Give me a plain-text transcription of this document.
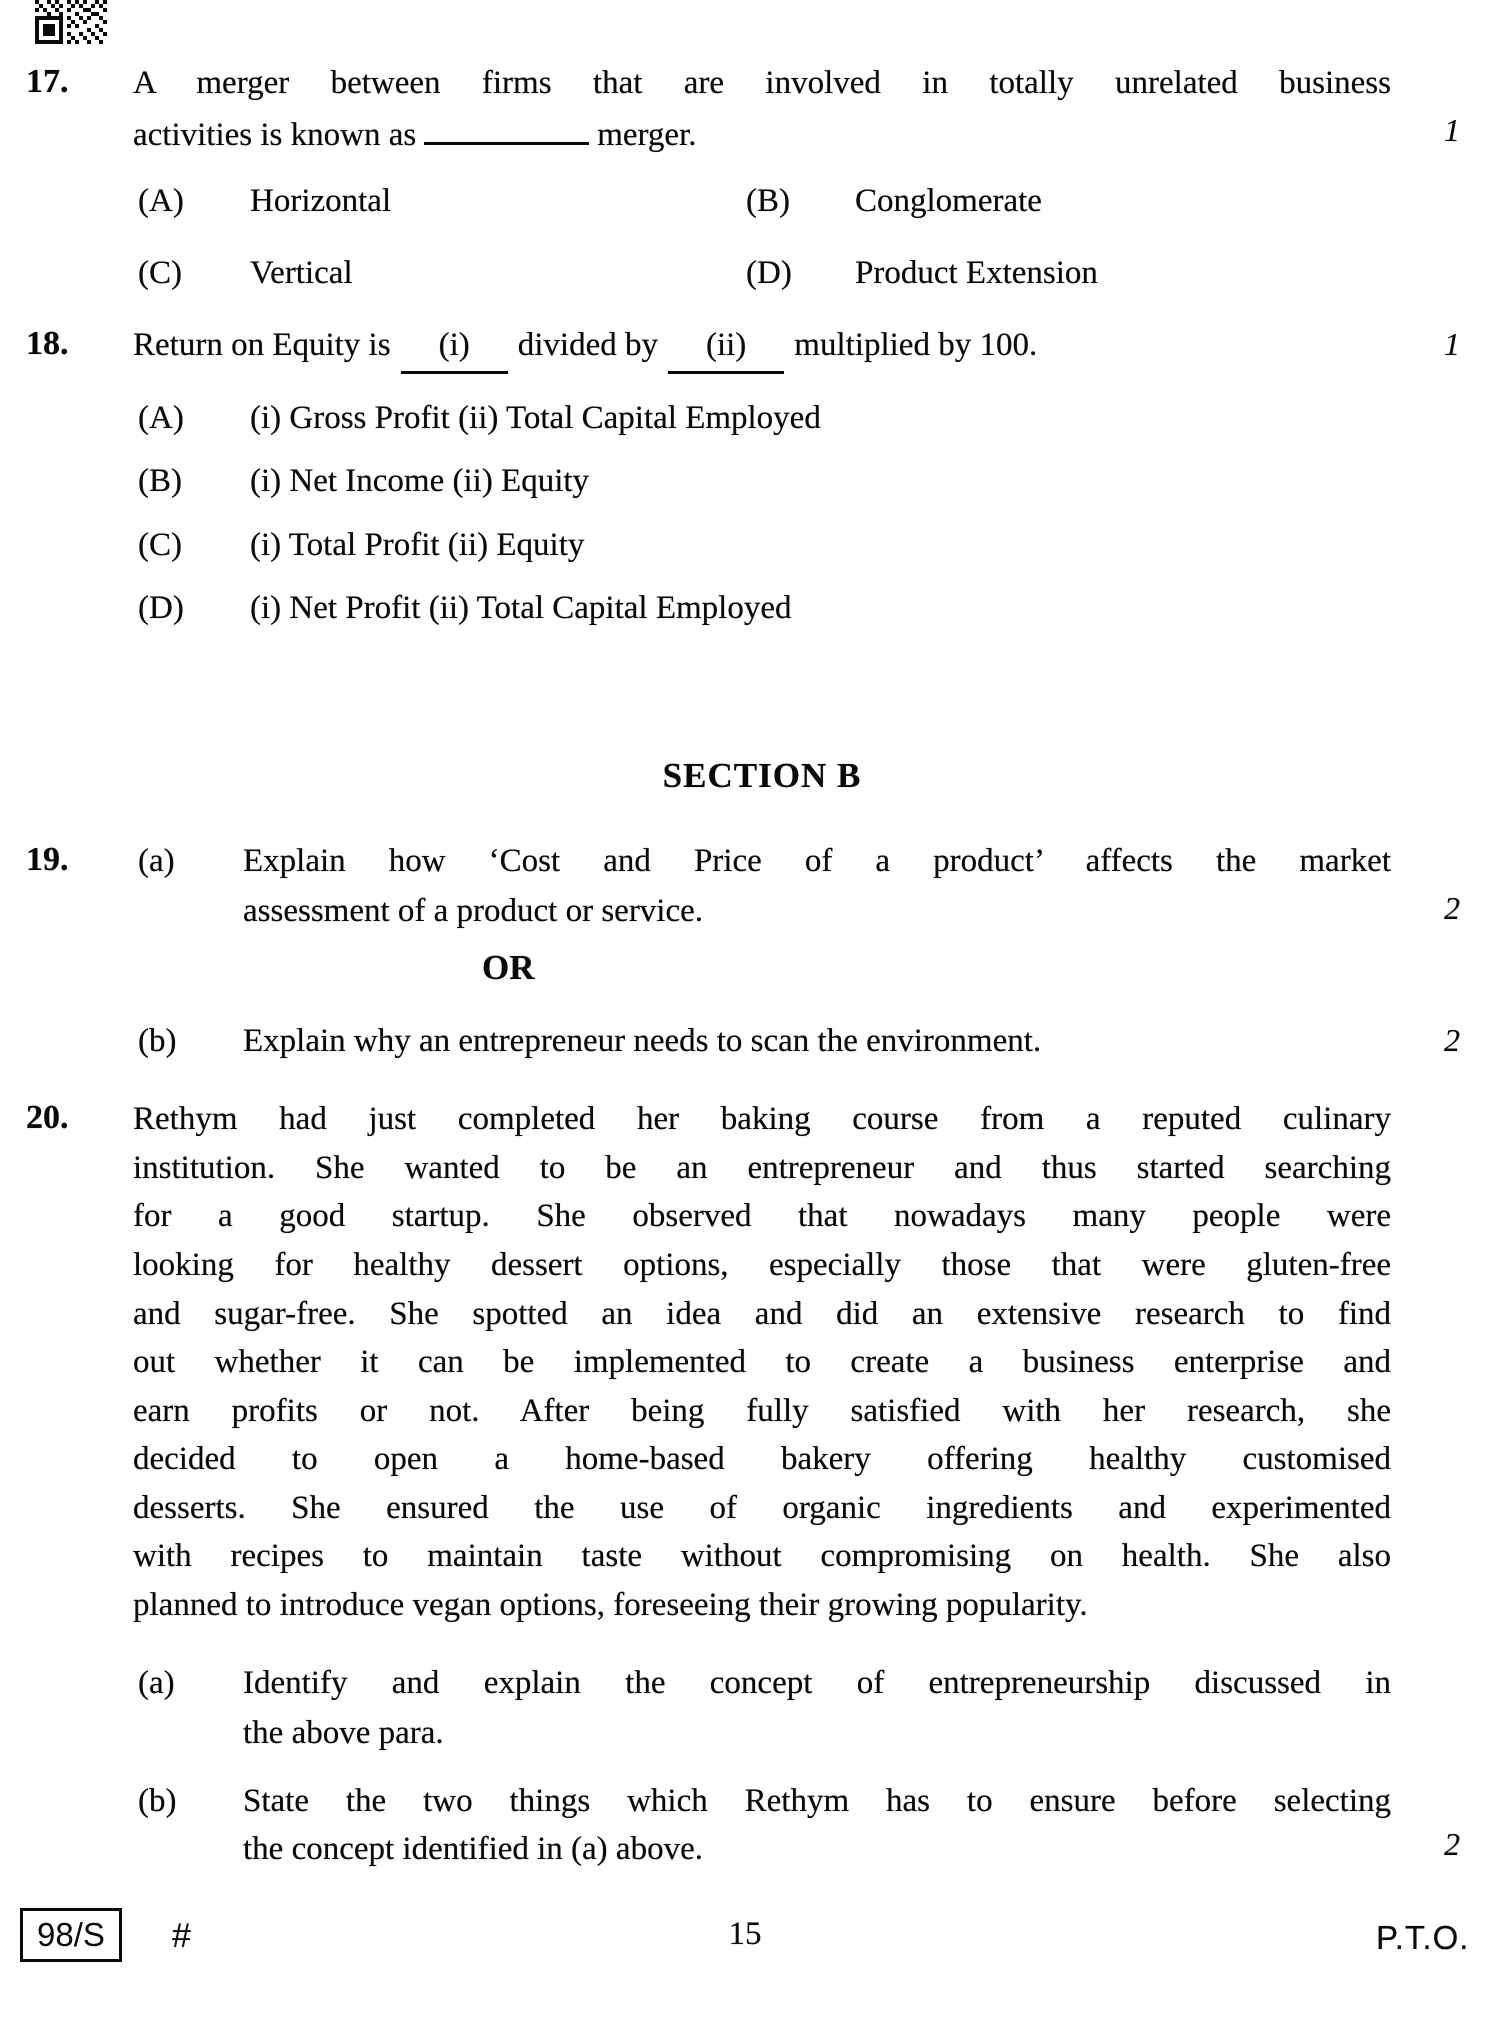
17. A merger between firms that are involved in totally unrelated business
activities is known as	merger.	1
(A) Horizontal	(B) Conglomerate
(C) Vertical	(D) Product Extension
18. Return on Equity is (i) divided by (ii) multiplied by 100.	1
(A) (i) Gross Profit (ii) Total Capital Employed
(B) (i) Net Income (ii) Equity
(C) (i) Total Profit (ii) Equity
(D) (i) Net Profit (ii) Total Capital Employed
SECTION B
19. (a) Explain how ‘Cost and Price of a product’ affects the market
assessment of a product or service.	2
OR
(b) Explain why an entrepreneur needs to scan the environment.	2
20. Rethym had just completed her baking course from a reputed culinary
institution. She wanted to be an entrepreneur and thus started searching
for a good startup. She observed that nowadays many people were
looking for healthy dessert options, especially those that were gluten-free
and sugar-free. She spotted an idea and did an extensive research to find
out whether it can be implemented to create a business enterprise and
earn profits or not. After being fully satisfied with her research, she
decided to open a home-based bakery offering healthy customised
desserts. She ensured the use of organic ingredients and experimented
with recipes to maintain taste without compromising on health. She also
planned to introduce vegan options, foreseeing their growing popularity.
(a) Identify and explain the concept of entrepreneurship discussed in
the above para.
(b) State the two things which Rethym has to ensure before selecting
the concept identified in (a) above.	2
98/S	#	15	P.T.O.
